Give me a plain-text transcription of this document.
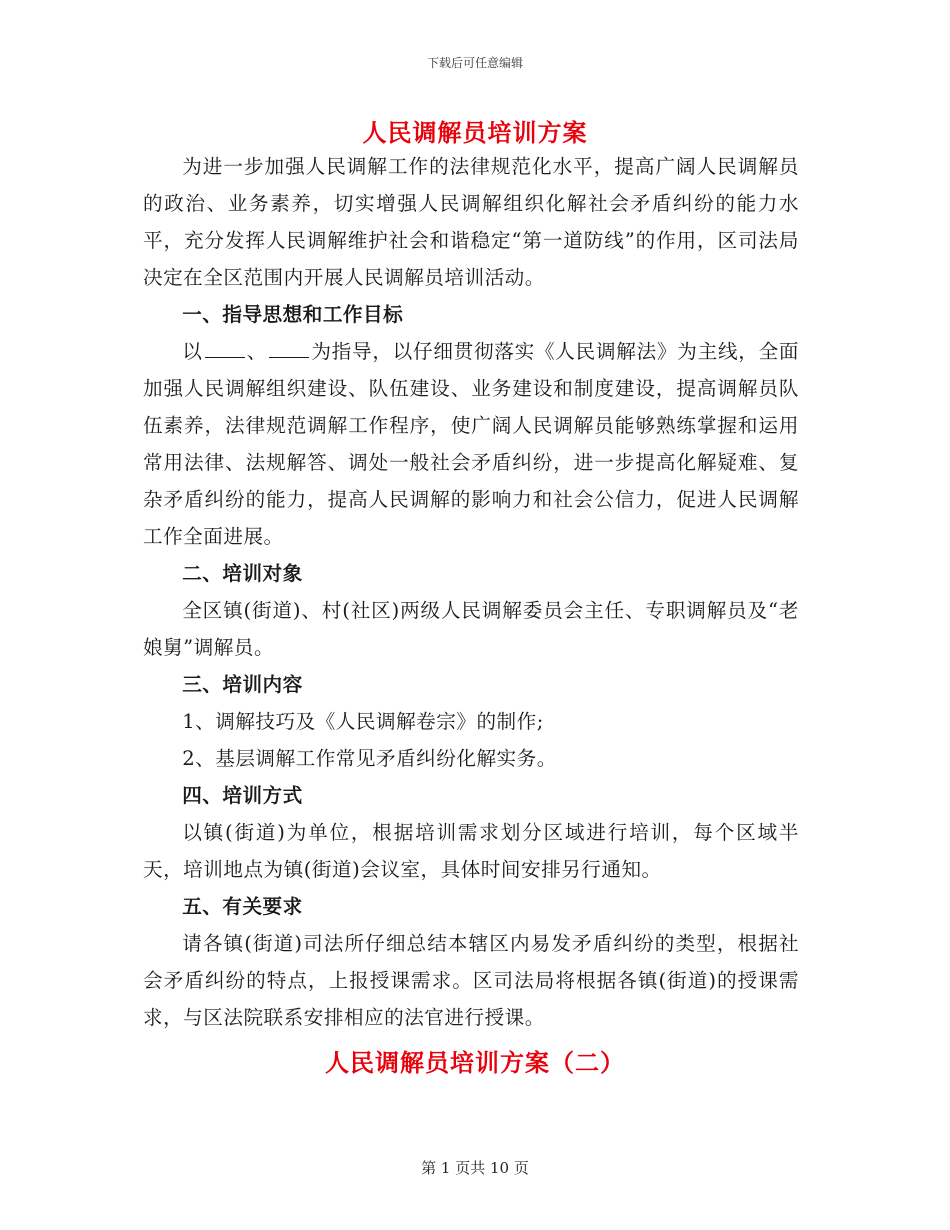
下载后可任意编辑
人民调解员培训方案

为进一步加强人民调解工作的法律规范化水平，提高广阔人民调解员的政治、业务素养，切实增强人民调解组织化解社会矛盾纠纷的能力水平，充分发挥人民调解维护社会和谐稳定“第一道防线”的作用，区司法局决定在全区范围内开展人民调解员培训活动。

一、指导思想和工作目标

以 、 为指导，以仔细贯彻落实《人民调解法》为主线，全面加强人民调解组织建设、队伍建设、业务建设和制度建设，提高调解员队伍素养，法律规范调解工作程序，使广阔人民调解员能够熟练掌握和运用常用法律、法规解答、调处一般社会矛盾纠纷，进一步提高化解疑难、复杂矛盾纠纷的能力，提高人民调解的影响力和社会公信力，促进人民调解工作全面进展。

二、培训对象

全区镇(街道)、村(社区)两级人民调解委员会主任、专职调解员及“老娘舅”调解员。

三、培训内容

1、调解技巧及《人民调解卷宗》的制作;

2、基层调解工作常见矛盾纠纷化解实务。

四、培训方式

以镇(街道)为单位，根据培训需求划分区域进行培训，每个区域半天，培训地点为镇(街道)会议室，具体时间安排另行通知。

五、有关要求

请各镇(街道)司法所仔细总结本辖区内易发矛盾纠纷的类型，根据社会矛盾纠纷的特点，上报授课需求。区司法局将根据各镇(街道)的授课需求，与区法院联系安排相应的法官进行授课。

人民调解员培训方案（二）
第 1 页共 10 页
